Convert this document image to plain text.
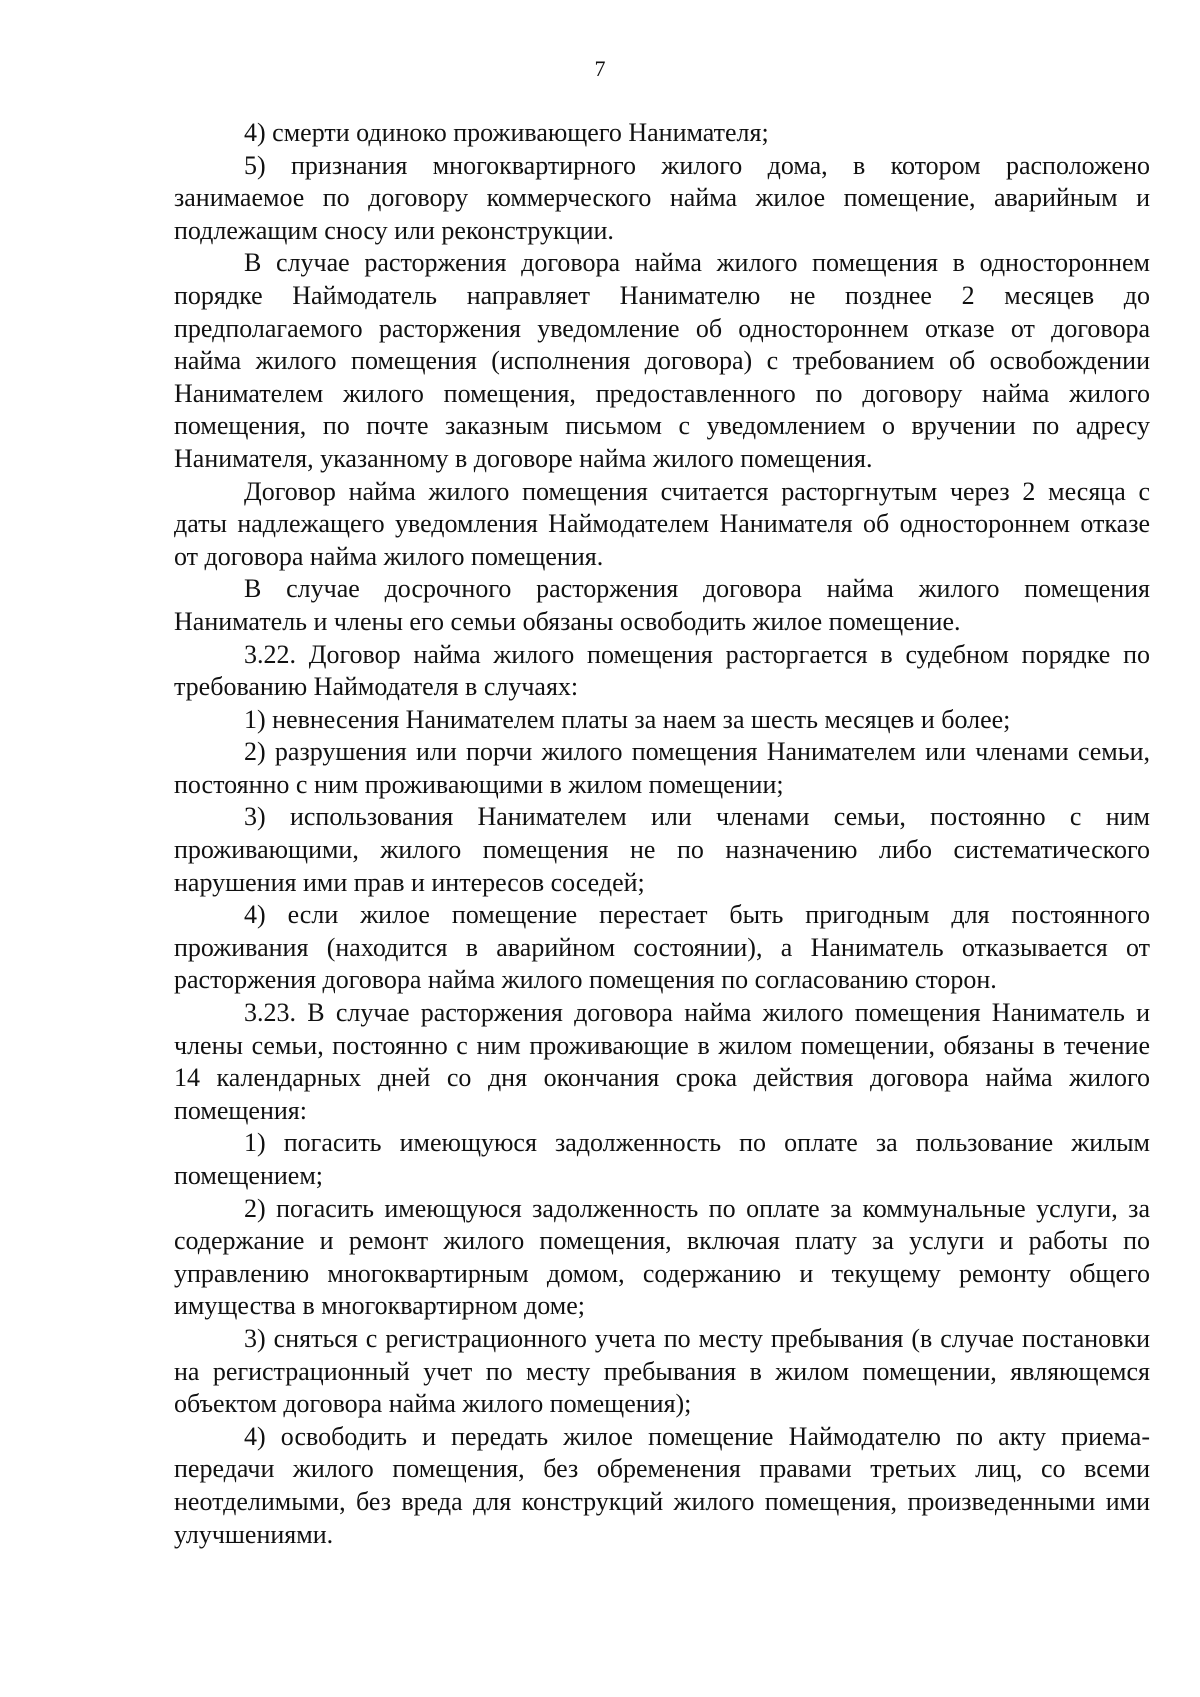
7

4) смерти одиноко проживающего Нанимателя;

5) признания многоквартирного жилого дома, в котором расположено занимаемое по договору коммерческого найма жилое помещение, аварийным и подлежащим сносу или реконструкции.

В случае расторжения договора найма жилого помещения в одностороннем порядке Наймодатель направляет Нанимателю не позднее 2 месяцев до предполагаемого расторжения уведомление об одностороннем отказе от договора найма жилого помещения (исполнения договора) с требованием об освобождении Нанимателем жилого помещения, предоставленного по договору найма жилого помещения, по почте заказным письмом с уведомлением о вручении по адресу Нанимателя, указанному в договоре найма жилого помещения.

Договор найма жилого помещения считается расторгнутым через 2 месяца с даты надлежащего уведомления Наймодателем Нанимателя об одностороннем отказе от договора найма жилого помещения.

В случае досрочного расторжения договора найма жилого помещения Наниматель и члены его семьи обязаны освободить жилое помещение.

3.22. Договор найма жилого помещения расторгается в судебном порядке по требованию Наймодателя в случаях:

1) невнесения Нанимателем платы за наем за шесть месяцев и более;

2) разрушения или порчи жилого помещения Нанимателем или членами семьи, постоянно с ним проживающими в жилом помещении;

3) использования Нанимателем или членами семьи, постоянно с ним проживающими, жилого помещения не по назначению либо систематического нарушения ими прав и интересов соседей;

4) если жилое помещение перестает быть пригодным для постоянного проживания (находится в аварийном состоянии), а Наниматель отказывается от расторжения договора найма жилого помещения по согласованию сторон.

3.23. В случае расторжения договора найма жилого помещения Наниматель и члены семьи, постоянно с ним проживающие в жилом помещении, обязаны в течение 14 календарных дней со дня окончания срока действия договора найма жилого помещения:

1) погасить имеющуюся задолженность по оплате за пользование жилым помещением;

2) погасить имеющуюся задолженность по оплате за коммунальные услуги, за содержание и ремонт жилого помещения, включая плату за услуги и работы по управлению многоквартирным домом, содержанию и текущему ремонту общего имущества в многоквартирном доме;

3) сняться с регистрационного учета по месту пребывания (в случае постановки на регистрационный учет по месту пребывания в жилом помещении, являющемся объектом договора найма жилого помещения);

4) освободить и передать жилое помещение Наймодателю по акту приема-передачи жилого помещения, без обременения правами третьих лиц, со всеми неотделимыми, без вреда для конструкций жилого помещения, произведенными ими улучшениями.
